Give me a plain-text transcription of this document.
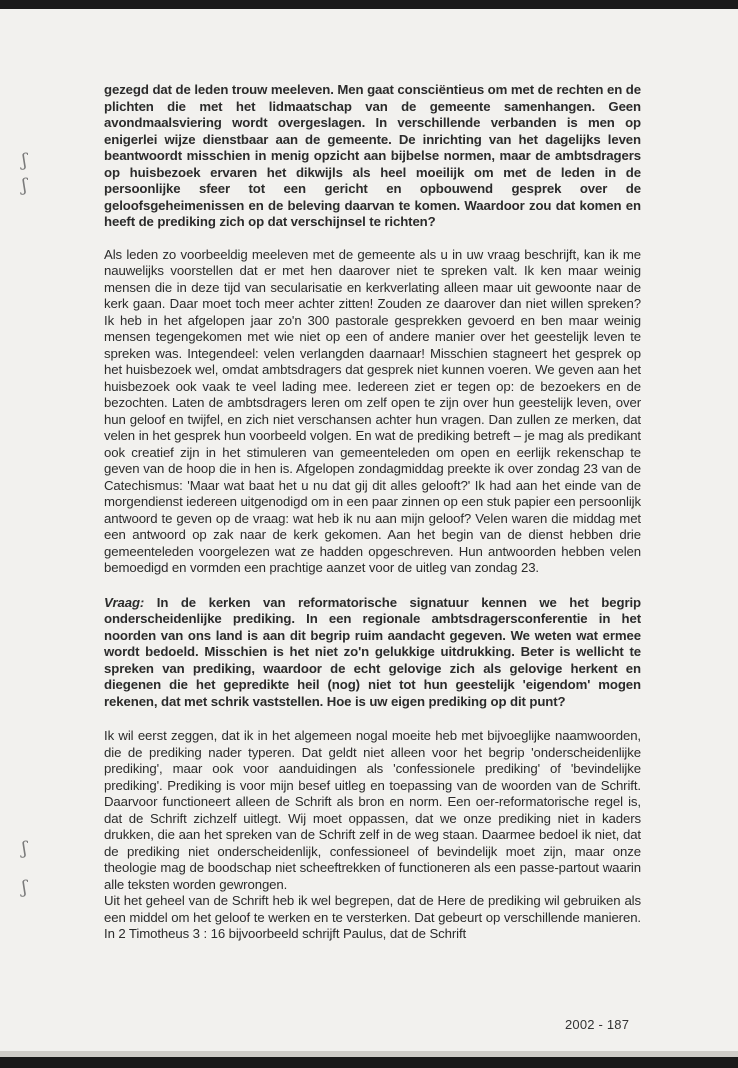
ʃ
ʃ
ʃ
ʃ

gezegd dat de leden trouw meeleven. Men gaat consciëntieus om met de rechten en de plichten die met het lidmaatschap van de gemeente samenhangen. Geen avondmaalsviering wordt overgeslagen. In verschillende verbanden is men op enigerlei wijze dienstbaar aan de gemeente. De inrichting van het dagelijks leven beantwoordt misschien in menig opzicht aan bijbelse normen, maar de ambtsdragers op huisbezoek ervaren het dikwijls als heel moeilijk om met de leden in de persoonlijke sfeer tot een gericht en opbouwend gesprek over de geloofsgeheimenissen en de beleving daarvan te komen. Waardoor zou dat komen en heeft de prediking zich op dat verschijnsel te richten?

Als leden zo voorbeeldig meeleven met de gemeente als u in uw vraag beschrijft, kan ik me nauwelijks voorstellen dat er met hen daarover niet te spreken valt. Ik ken maar weinig mensen die in deze tijd van secularisatie en kerkverlating alleen maar uit gewoonte naar de kerk gaan. Daar moet toch meer achter zitten! Zouden ze daarover dan niet willen spreken? Ik heb in het afgelopen jaar zo'n 300 pastorale gesprekken gevoerd en ben maar weinig mensen tegengekomen met wie niet op een of andere manier over het geestelijk leven te spreken was. Integendeel: velen verlangden daarnaar! Misschien stagneert het gesprek op het huisbezoek wel, omdat ambtsdragers dat gesprek niet kunnen voeren. We geven aan het huisbezoek ook vaak te veel lading mee. Iedereen ziet er tegen op: de bezoekers en de bezochten. Laten de ambtsdragers leren om zelf open te zijn over hun geestelijk leven, over hun geloof en twijfel, en zich niet verschansen achter hun vragen. Dan zullen ze merken, dat velen in het gesprek hun voorbeeld volgen. En wat de prediking betreft – je mag als predikant ook creatief zijn in het stimuleren van gemeenteleden om open en eerlijk rekenschap te geven van de hoop die in hen is. Afgelopen zondagmiddag preekte ik over zondag 23 van de Catechismus: 'Maar wat baat het u nu dat gij dit alles gelooft?' Ik had aan het einde van de morgendienst iedereen uitgenodigd om in een paar zinnen op een stuk papier een persoonlijk antwoord te geven op de vraag: wat heb ik nu aan mijn geloof? Velen waren die middag met een antwoord op zak naar de kerk gekomen. Aan het begin van de dienst hebben drie gemeenteleden voorgelezen wat ze hadden opgeschreven. Hun antwoorden hebben velen bemoedigd en vormden een prachtige aanzet voor de uitleg van zondag 23.

Vraag: In de kerken van reformatorische signatuur kennen we het begrip onderscheidenlijke prediking. In een regionale ambtsdragersconferentie in het noorden van ons land is aan dit begrip ruim aandacht gegeven. We weten wat ermee wordt bedoeld. Misschien is het niet zo'n gelukkige uitdrukking. Beter is wellicht te spreken van prediking, waardoor de echt gelovige zich als gelovige herkent en diegenen die het gepredikte heil (nog) niet tot hun geestelijk 'eigendom' mogen rekenen, dat met schrik vaststellen. Hoe is uw eigen prediking op dit punt?

Ik wil eerst zeggen, dat ik in het algemeen nogal moeite heb met bijvoeglijke naamwoorden, die de prediking nader typeren. Dat geldt niet alleen voor het begrip 'onderscheidenlijke prediking', maar ook voor aanduidingen als 'confessionele prediking' of 'bevindelijke prediking'. Prediking is voor mijn besef uitleg en toepassing van de woorden van de Schrift. Daarvoor functioneert alleen de Schrift als bron en norm. Een oer-reformatorische regel is, dat de Schrift zichzelf uitlegt. Wij moet oppassen, dat we onze prediking niet in kaders drukken, die aan het spreken van de Schrift zelf in de weg staan. Daarmee bedoel ik niet, dat de prediking niet onderscheidenlijk, confessioneel of bevindelijk moet zijn, maar onze theologie mag de boodschap niet scheeftrekken of functioneren als een passe-partout waarin alle teksten worden gewrongen.

Uit het geheel van de Schrift heb ik wel begrepen, dat de Here de prediking wil gebruiken als een middel om het geloof te werken en te versterken. Dat gebeurt op verschillende manieren. In 2 Timotheus 3 : 16 bijvoorbeeld schrijft Paulus, dat de Schrift

2002 - 187
